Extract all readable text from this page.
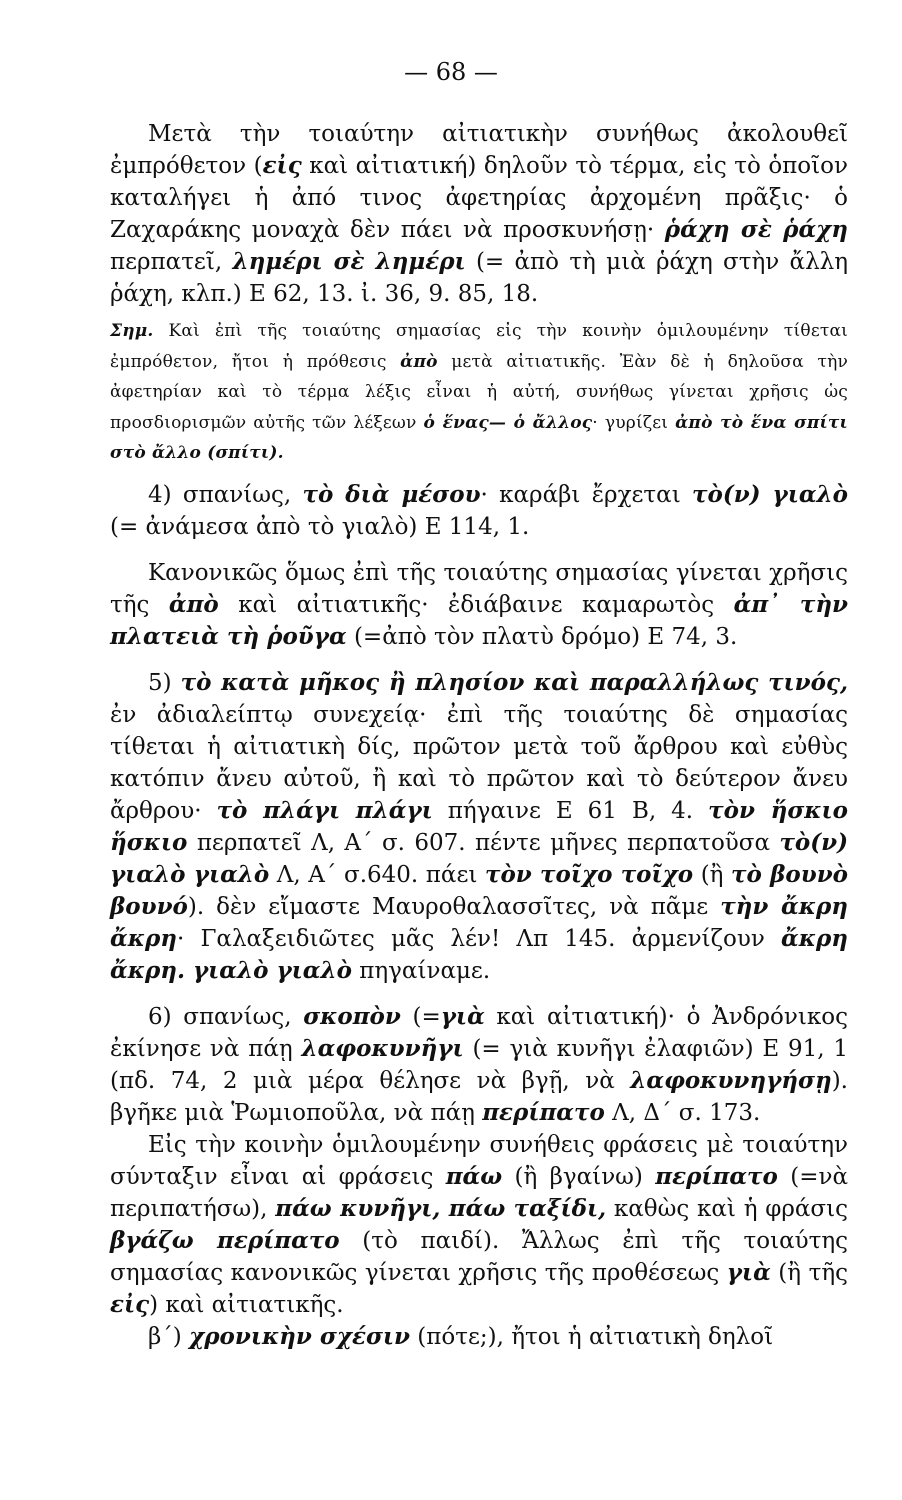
— 68 —

Μετὰ τὴν τοιαύτην αἰτιατικὴν συνήθως ἀκολουθεῖ ἐμπρόθετον (εἰς καὶ αἰτιατική) δηλοῦν τὸ τέρμα, εἰς τὸ ὁποῖον καταλήγει ἡ ἀπό τινος ἀφετηρίας ἀρχομένη πρᾶξις· ὁ Ζαχαράκης μοναχὰ δὲν πάει νὰ προσκυνήσῃ· ῥάχη σὲ ῥάχη περπατεῖ, λημέρι σὲ λημέρι (= ἀπὸ τὴ μιὰ ῥάχη στὴν ἄλλη ῥάχη, κλπ.) Ε 62, 13. ἰ. 36, 9. 85, 18.

Σημ. Καὶ ἐπὶ τῆς τοιαύτης σημασίας εἰς τὴν κοινὴν ὁμιλουμένην τίθεται ἐμπρόθετον, ἤτοι ἡ πρόθεσις ἀπὸ μετὰ αἰτιατικῆς. Ἐὰν δὲ ἡ δηλοῦσα τὴν ἀφετηρίαν καὶ τὸ τέρμα λέξις εἶναι ἡ αὐτή, συνήθως γίνεται χρῆσις ὡς προσδιορισμῶν αὐτῆς τῶν λέξεων ὁ ἕνας— ὁ ἄλλος· γυρίζει ἀπὸ τὸ ἕνα σπίτι στὸ ἄλλο (σπίτι).

4) σπανίως, τὸ διὰ μέσου· καράβι ἔρχεται τὸ(ν) γιαλὸ (= ἀνάμεσα ἀπὸ τὸ γιαλὸ) Ε 114, 1.

Κανονικῶς ὅμως ἐπὶ τῆς τοιαύτης σημασίας γίνεται χρῆσις τῆς ἀπὸ καὶ αἰτιατικῆς· ἐδιάβαινε καμαρωτὸς ἀπ᾿ τὴν πλατειὰ τὴ ῥοῦγα (=ἀπὸ τὸν πλατὺ δρόμο) Ε 74, 3.

5) τὸ κατὰ μῆκος ἢ πλησίον καὶ παραλλήλως τινός, ἐν ἀδιαλείπτῳ συνεχείᾳ· ἐπὶ τῆς τοιαύτης δὲ σημασίας τίθεται ἡ αἰτιατικὴ δίς, πρῶτον μετὰ τοῦ ἄρθρου καὶ εὐθὺς κατόπιν ἄνευ αὐτοῦ, ἢ καὶ τὸ πρῶτον καὶ τὸ δεύτερον ἄνευ ἄρθρου· τὸ πλάγι πλάγι πήγαινε Ε 61 Β, 4. τὸν ἥσκιο ἥσκιο περπατεῖ Λ, Α΄ σ. 607. πέντε μῆνες περπατοῦσα τὸ(ν) γιαλὸ γιαλὸ Λ, Α΄ σ.640. πάει τὸν τοῖχο τοῖχο (ἢ τὸ βουνὸ βουνό). δὲν εἴμαστε Μαυροθαλασσῖτες, νὰ πᾶμε τὴν ἄκρη ἄκρη· Γαλαξειδιῶτες μᾶς λέν! Λπ 145. ἀρμενίζουν ἄκρη ἄκρη. γιαλὸ γιαλὸ πηγαίναμε.

6) σπανίως, σκοπὸν (=γιὰ καὶ αἰτιατική)· ὁ Ἀνδρόνικος ἐκίνησε νὰ πάῃ λαφοκυνῆγι (= γιὰ κυνῆγι ἐλαφιῶν) Ε 91, 1 (πδ. 74, 2 μιὰ μέρα θέλησε νὰ βγῇ, νὰ λαφοκυνηγήσῃ). βγῆκε μιὰ Ῥωμιοποῦλα, νὰ πάῃ περίπατο Λ, Δ΄ σ. 173.

Εἰς τὴν κοινὴν ὁμιλουμένην συνήθεις φράσεις μὲ τοιαύτην σύνταξιν εἶναι αἱ φράσεις πάω (ἢ βγαίνω) περίπατο (=νὰ περιπατήσω), πάω κυνῆγι, πάω ταξίδι, καθὼς καὶ ἡ φράσις βγάζω περίπατο (τὸ παιδί). Ἄλλως ἐπὶ τῆς τοιαύτης σημασίας κανονικῶς γίνεται χρῆσις τῆς προθέσεως γιὰ (ἢ τῆς εἰς) καὶ αἰτιατικῆς.

β΄) χρονικὴν σχέσιν (πότε;), ἤτοι ἡ αἰτιατικὴ δηλοῖ
